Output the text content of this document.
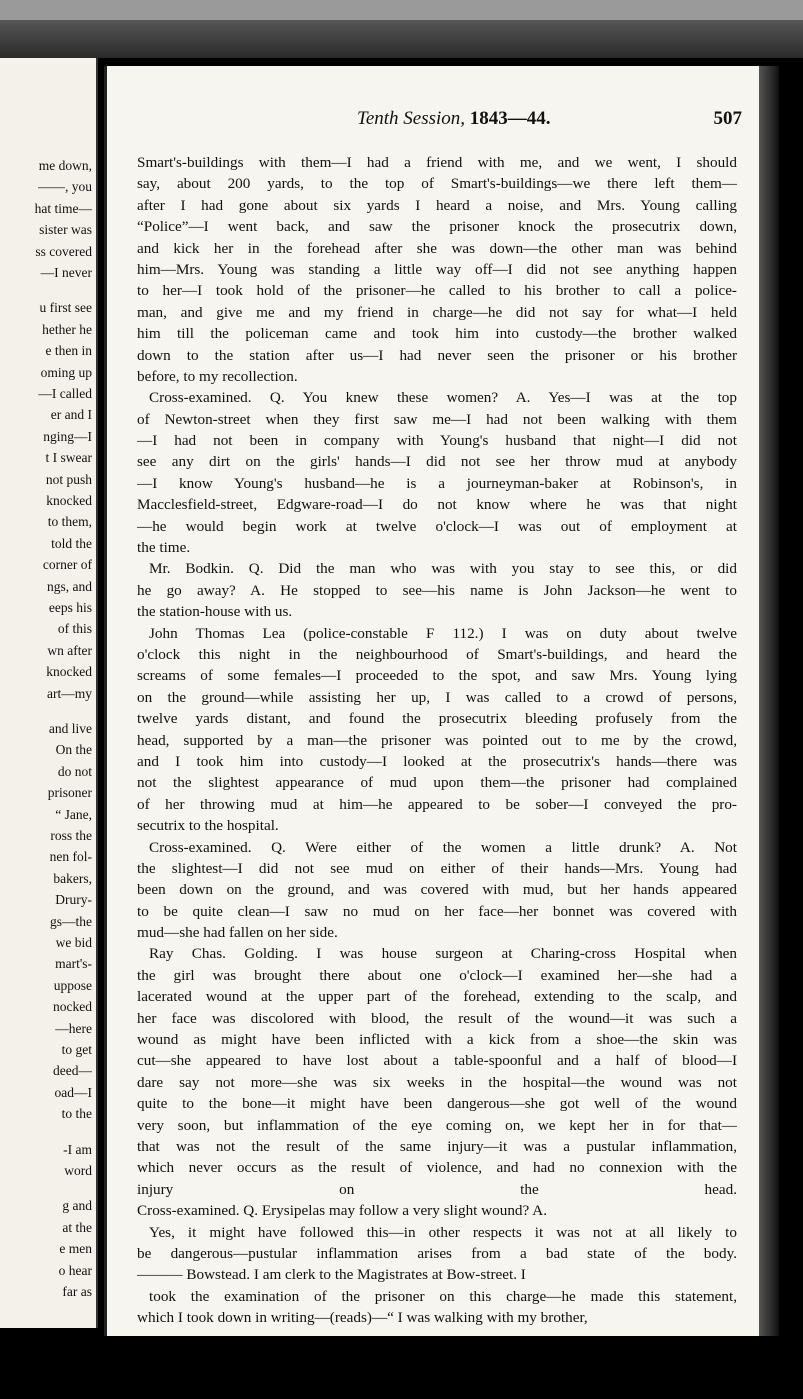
me down,
——, you
hat time—
sister was
ss covered
—I never
u first see
hether he
e then in
oming up
—I called
er and I
nging—I
t I swear
not push
knocked
to them,
told the
corner of
ngs, and
eeps his
of this
wn after
knocked
art—my
and live
On the
do not
prisoner
“ Jane,
ross the
nen fol-
bakers,
Drury-
gs—the
we bid
mart's-
uppose
nocked
—here
to get
deed—
oad—I
to the
-I am
word
g and
at the
e men
o hear
far as
Tenth Session, 1843—44.	507
Smart's-buildings with them—I had a friend with me, and we went, I should
say, about 200 yards, to the top of Smart's-buildings—we there left them—
after I had gone about six yards I heard a noise, and Mrs. Young calling
“Police”—I went back, and saw the prisoner knock the prosecutrix down,
and kick her in the forehead after she was down—the other man was behind
him—Mrs. Young was standing a little way off—I did not see anything happen
to her—I took hold of the prisoner—he called to his brother to call a police-
man, and give me and my friend in charge—he did not say for what—I held
him till the policeman came and took him into custody—the brother walked
down to the station after us—I had never seen the prisoner or his brother
before, to my recollection.
Cross-examined. Q. You knew these women? A. Yes—I was at the top
of Newton-street when they first saw me—I had not been walking with them
—I had not been in company with Young's husband that night—I did not
see any dirt on the girls' hands—I did not see her throw mud at anybody
—I know Young's husband—he is a journeyman-baker at Robinson's, in
Macclesfield-street, Edgware-road—I do not know where he was that night
—he would begin work at twelve o'clock—I was out of employment at
the time.
Mr. Bodkin. Q. Did the man who was with you stay to see this, or did
he go away? A. He stopped to see—his name is John Jackson—he went to
the station-house with us.
John Thomas Lea (police-constable F 112.) I was on duty about twelve
o'clock this night in the neighbourhood of Smart's-buildings, and heard the
screams of some females—I proceeded to the spot, and saw Mrs. Young lying
on the ground—while assisting her up, I was called to a crowd of persons,
twelve yards distant, and found the prosecutrix bleeding profusely from the
head, supported by a man—the prisoner was pointed out to me by the crowd,
and I took him into custody—I looked at the prosecutrix's hands—there was
not the slightest appearance of mud upon them—the prisoner had complained
of her throwing mud at him—he appeared to be sober—I conveyed the pro-
secutrix to the hospital.
Cross-examined. Q. Were either of the women a little drunk? A. Not
the slightest—I did not see mud on either of their hands—Mrs. Young had
been down on the ground, and was covered with mud, but her hands appeared
to be quite clean—I saw no mud on her face—her bonnet was covered with
mud—she had fallen on her side.
Ray Chas. Golding. I was house surgeon at Charing-cross Hospital when
the girl was brought there about one o'clock—I examined her—she had a
lacerated wound at the upper part of the forehead, extending to the scalp, and
her face was discolored with blood, the result of the wound—it was such a
wound as might have been inflicted with a kick from a shoe—the skin was
cut—she appeared to have lost about a table-spoonful and a half of blood—I
dare say not more—she was six weeks in the hospital—the wound was not
quite to the bone—it might have been dangerous—she got well of the wound
very soon, but inflammation of the eye coming on, we kept her in for that—
that was not the result of the same injury—it was a pustular inflammation,
which never occurs as the result of violence, and had no connexion with the
injury on the head.
Cross-examined. Q. Erysipelas may follow a very slight wound? A.
Yes, it might have followed this—in other respects it was not at all likely to
be dangerous—pustular inflammation arises from a bad state of the body.
——— Bowstead. I am clerk to the Magistrates at Bow-street. I
took the examination of the prisoner on this charge—he made this statement,
which I took down in writing—(reads)—“ I was walking with my brother,
